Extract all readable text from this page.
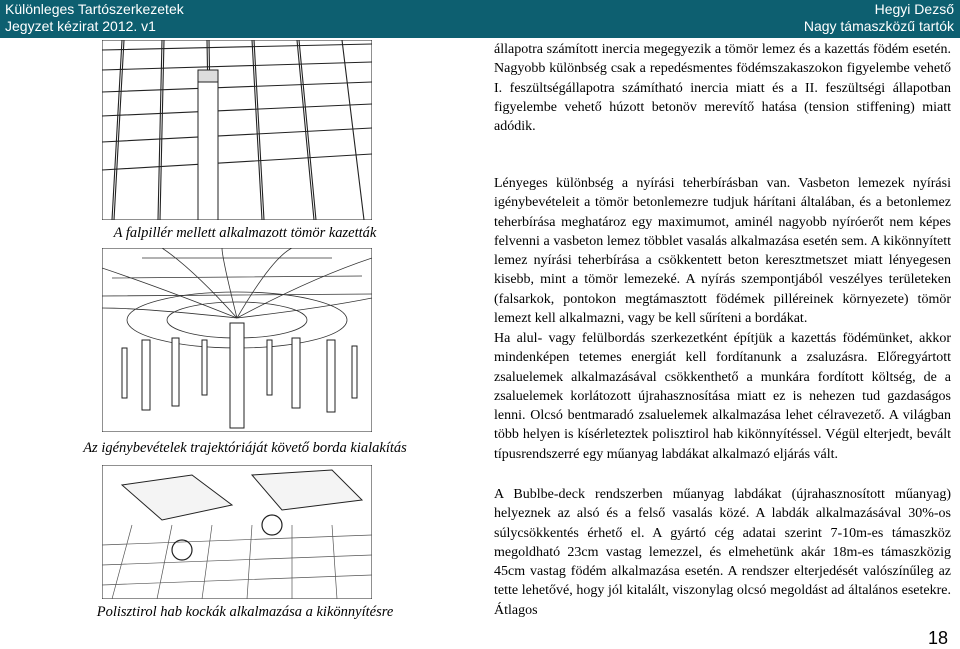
Különleges Tartószerkezetek
Jegyzet kézirat 2012. v1
Hegyi Dezső
Nagy támaszközű tartók
A falpillér mellett alkalmazott tömör kazetták
Az igénybevételek trajektóriáját követő borda kialakítás
Polisztirol hab kockák alkalmazása a kikönnyítésre
állapotra számított inercia megegyezik a tömör lemez és a kazettás födém esetén. Nagyobb különbség csak a repedésmentes födémszakaszokon figyelembe vehető I. feszültségállapotra számítható inercia miatt és a II. feszültségi állapotban figyelembe vehető húzott betonöv merevítő hatása (tension stiffening) miatt adódik.
Lényeges különbség a nyírási teherbírásban van. Vasbeton lemezek nyírási igénybevételeit a tömör betonlemezre tudjuk hárítani általában, és a betonlemez teherbírása meghatároz egy maximumot, aminél nagyobb nyíróerőt nem képes felvenni a vasbeton lemez többlet vasalás alkalmazása esetén sem. A kikönnyített lemez nyírási teherbírása a csökkentett beton keresztmetszet miatt lényegesen kisebb, mint a tömör lemezeké. A nyírás szempontjából veszélyes területeken (falsarkok, pontokon megtámasztott födémek pilléreinek környezete) tömör lemezt kell alkalmazni, vagy be kell sűríteni a bordákat.
Ha alul- vagy felülbordás szerkezetként építjük a kazettás födémünket, akkor mindenképen tetemes energiát kell fordítanunk a zsaluzásra. Előregyártott zsaluelemek alkalmazásával csökkenthető a munkára fordított költség, de a zsaluelemek korlátozott újrahasznosítása miatt ez is nehezen tud gazdaságos lenni. Olcsó bentmaradó zsaluelemek alkalmazása lehet célravezető. A világban több helyen is kísérleteztek polisztirol hab kikönnyítéssel. Végül elterjedt, bevált típusrendszerré egy műanyag labdákat alkalmazó eljárás vált.
A Bublbe-deck rendszerben műanyag labdákat (újrahasznosított műanyag) helyeznek az alsó és a felső vasalás közé. A labdák alkalmazásával 30%-os súlycsökkentés érhető el. A gyártó cég adatai szerint 7-10m-es támaszköz megoldható 23cm vastag lemezzel, és elmehetünk akár 18m-es támaszközig 45cm vastag födém alkalmazása esetén. A rendszer elterjedését valószínűleg az tette lehetővé, hogy jól kitalált, viszonylag olcsó megoldást ad általános esetekre. Átlagos
18
